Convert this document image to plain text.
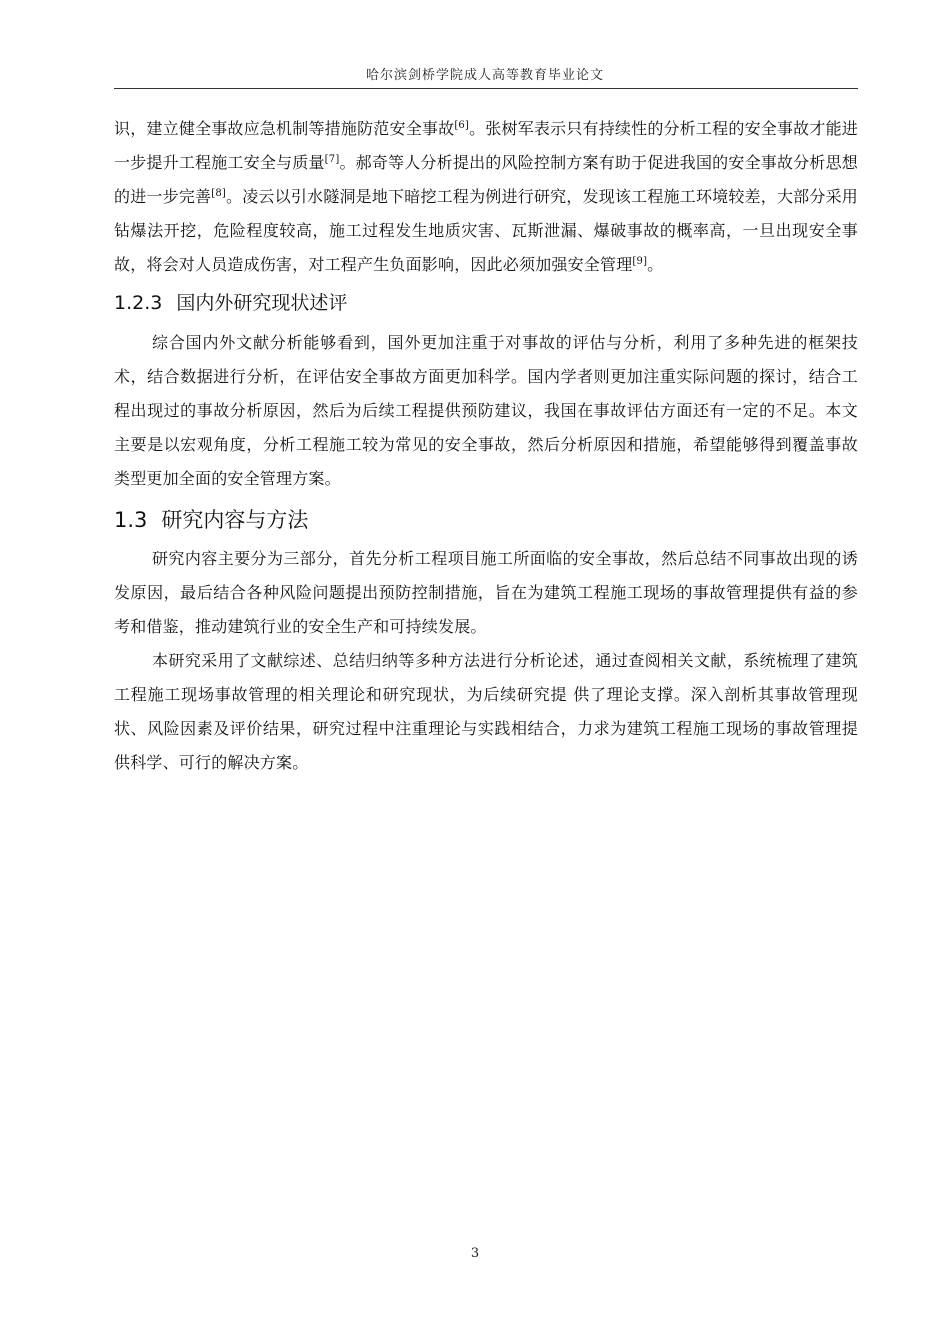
哈尔滨剑桥学院成人高等教育毕业论文

识，建立健全事故应急机制等措施防范安全事故[6]。张树军表示只有持续性的分析工程的安全事故才能进一步提升工程施工安全与质量[7]。郝奇等人分析提出的风险控制方案有助于促进我国的安全事故分析思想的进一步完善[8]。凌云以引水隧洞是地下暗挖工程为例进行研究，发现该工程施工环境较差，大部分采用钻爆法开挖，危险程度较高，施工过程发生地质灾害、瓦斯泄漏、爆破事故的概率高，一旦出现安全事故，将会对人员造成伤害，对工程产生负面影响，因此必须加强安全管理[9]。

1.2.3 国内外研究现状述评

综合国内外文献分析能够看到，国外更加注重于对事故的评估与分析，利用了多种先进的框架技术，结合数据进行分析，在评估安全事故方面更加科学。国内学者则更加注重实际问题的探讨，结合工程出现过的事故分析原因，然后为后续工程提供预防建议，我国在事故评估方面还有一定的不足。本文主要是以宏观角度，分析工程施工较为常见的安全事故，然后分析原因和措施，希望能够得到覆盖事故类型更加全面的安全管理方案。

1.3 研究内容与方法

研究内容主要分为三部分，首先分析工程项目施工所面临的安全事故，然后总结不同事故出现的诱发原因，最后结合各种风险问题提出预防控制措施，旨在为建筑工程施工现场的事故管理提供有益的参考和借鉴，推动建筑行业的安全生产和可持续发展。

本研究采用了文献综述、总结归纳等多种方法进行分析论述，通过查阅相关文献，系统梳理了建筑工程施工现场事故管理的相关理论和研究现状，为后续研究提 供了理论支撑。深入剖析其事故管理现状、风险因素及评价结果，研究过程中注重理论与实践相结合，力求为建筑工程施工现场的事故管理提供科学、可行的解决方案。

3
